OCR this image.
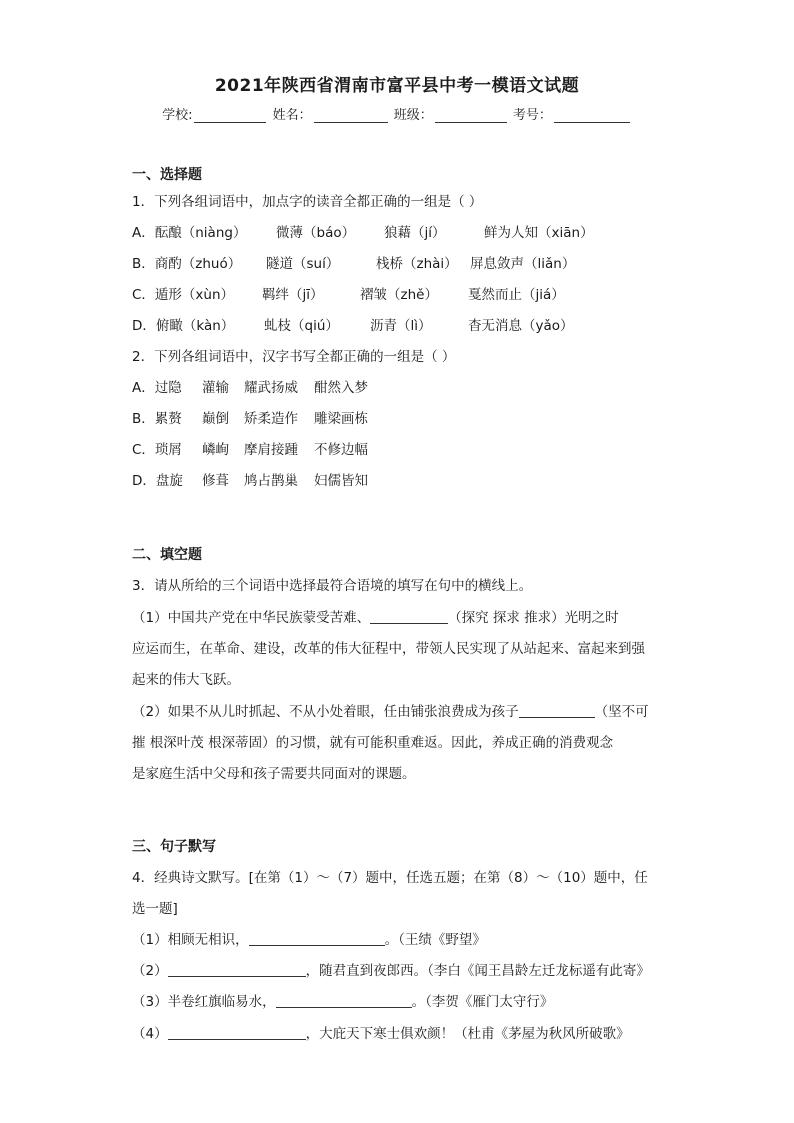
2021年陕西省渭南市富平县中考一模语文试题
学校:	姓名：	班级：	考号：
一、选择题
1．下列各组词语中，加点字的读音全都正确的一组是（ ）
A．酝酿（niàng） 微薄（báo） 狼藉（jí）	鲜为人知（xiān）
B．商酌（zhuó） 隧道（suí）	栈桥（zhài） 屏息敛声（liǎn）
C．遁形（xùn） 羁绊（jī）	褶皱（zhě） 戛然而止（jiá）
D．俯瞰（kàn） 虬枝（qiú） 沥青（lì）	杳无消息（yǎo）
2．下列各组词语中，汉字书写全都正确的一组是（ ）
A．过隐 灌输 耀武扬威 酣然入梦
B．累赘 巅倒 矫柔造作 雕梁画栋
C．琐屑 嶙峋 摩肩接踵 不修边幅
D．盘旋 修葺 鸠占鹊巢 妇儒皆知
二、填空题
3．请从所给的三个词语中选择最符合语境的填写在句中的横线上。
（1）中国共产党在中华民族蒙受苦难、	（探究 探求 推求）光明之时
应运而生，在革命、建设，改革的伟大征程中，带领人民实现了从站起来、富起来到强
起来的伟大飞跃。
（2）如果不从儿时抓起、不从小处着眼，任由铺张浪费成为孩子	（坚不可
摧 根深叶茂 根深蒂固）的习惯，就有可能积重难返。因此，养成正确的消费观念
是家庭生活中父母和孩子需要共同面对的课题。
三、句子默写
4．经典诗文默写。[在第（1）～（7）题中，任选五题；在第（8）～（10）题中，任
选一题]
（1）相顾无相识，	。（王绩《野望》
（2）	，随君直到夜郎西。（李白《闻王昌龄左迁龙标遥有此寄》
（3）半卷红旗临易水，	。（李贺《雁门太守行》
（4）	，大庇天下寒士俱欢颜！（杜甫《茅屋为秋风所破歌》
